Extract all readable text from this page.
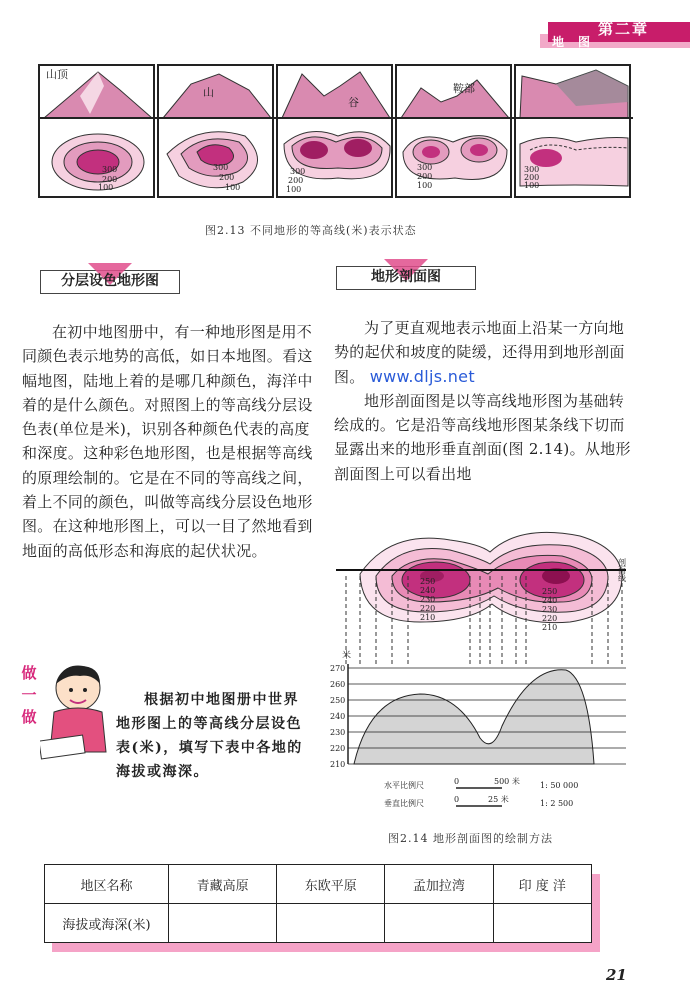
第二章
地图
300
200
100
山顶
300
200
100
山
300
200
100
谷
300
200
100
鞍部
300
200
100
图2.13 不同地形的等高线(米)表示状态
分层设色地形图

在初中地图册中，有一种地形图是用不同颜色表示地势的高低，如日本地图。看这幅地图，陆地上着的是哪几种颜色，海洋中着的是什么颜色。对照图上的等高线分层设色表(单位是米)，识别各种颜色代表的高度和深度。这种彩色地形图，也是根据等高线的原理绘制的。它是在不同的等高线之间，着上不同的颜色，叫做等高线分层设色地形图。在这种地形图上，可以一目了然地看到地面的高低形态和海底的起伏状况。

地形剖面图

为了更直观地表示地面上沿某一方向地势的起伏和坡度的陡缓，还得用到地形剖面图。 www.dljs.net

地形剖面图是以等高线地形图为基础转绘成的。它是沿等高线地形图某条线下切而显露出来的地形垂直剖面(图 2.14)。从地形剖面图上可以看出地

做一做
根据初中地图册中世界地形图上的等高线分层设色表(米)，填写下表中各地的海拔或海深。
剖面线
250
240
230
220
210
250
240
230
220
210
米
270
260
250
240
230
220
210
水平比例尺	0	500 米	1: 50 000
垂直比例尺	0	25 米	1: 2 500
图2.14 地形剖面图的绘制方法
地区名称	青藏高原	东欧平原	孟加拉湾	印 度 洋
海拔或海深(米)				
21
